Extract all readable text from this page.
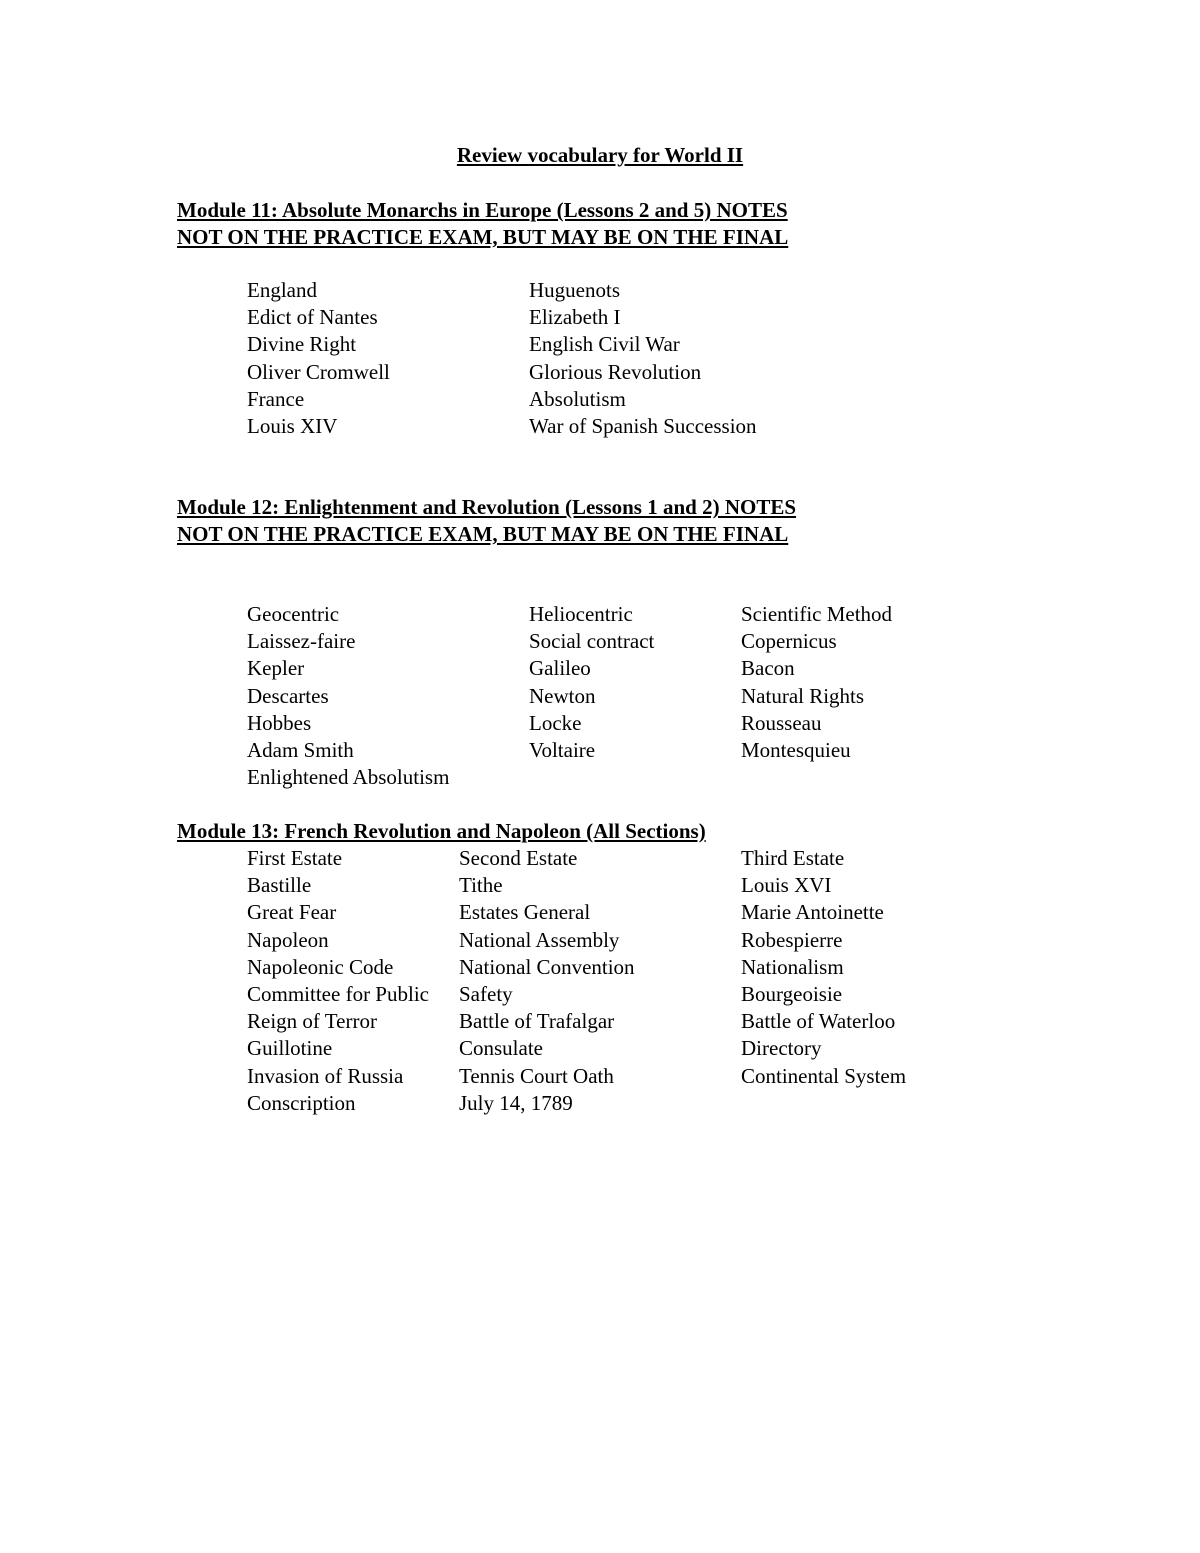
Review vocabulary for World II
Module 11: Absolute Monarchs in Europe (Lessons 2 and 5) NOTES
NOT ON THE PRACTICE EXAM, BUT MAY BE ON THE FINAL
England
Edict of Nantes
Divine Right
Oliver Cromwell
France
Louis XIV
Huguenots
Elizabeth I
English Civil War
Glorious Revolution
Absolutism
War of Spanish Succession
Module 12: Enlightenment and Revolution (Lessons 1 and 2) NOTES
NOT ON THE PRACTICE EXAM, BUT MAY BE ON THE FINAL
Geocentric
Laissez-faire
Kepler
Descartes
Hobbes
Adam Smith
Enlightened Absolutism
Heliocentric
Social contract
Galileo
Newton
Locke
Voltaire
Scientific Method
Copernicus
Bacon
Natural Rights
Rousseau
Montesquieu
Module 13: French Revolution and Napoleon (All Sections)
First Estate
Bastille
Great Fear
Napoleon
Napoleonic Code
Committee for Public
Reign of Terror
Guillotine
Invasion of Russia
Conscription
Second Estate
Tithe
Estates General
National Assembly
National Convention
Safety
Battle of Trafalgar
Consulate
Tennis Court Oath
July 14, 1789
Third Estate
Louis XVI
Marie Antoinette
Robespierre
Nationalism
Bourgeoisie
Battle of Waterloo
Directory
Continental System
